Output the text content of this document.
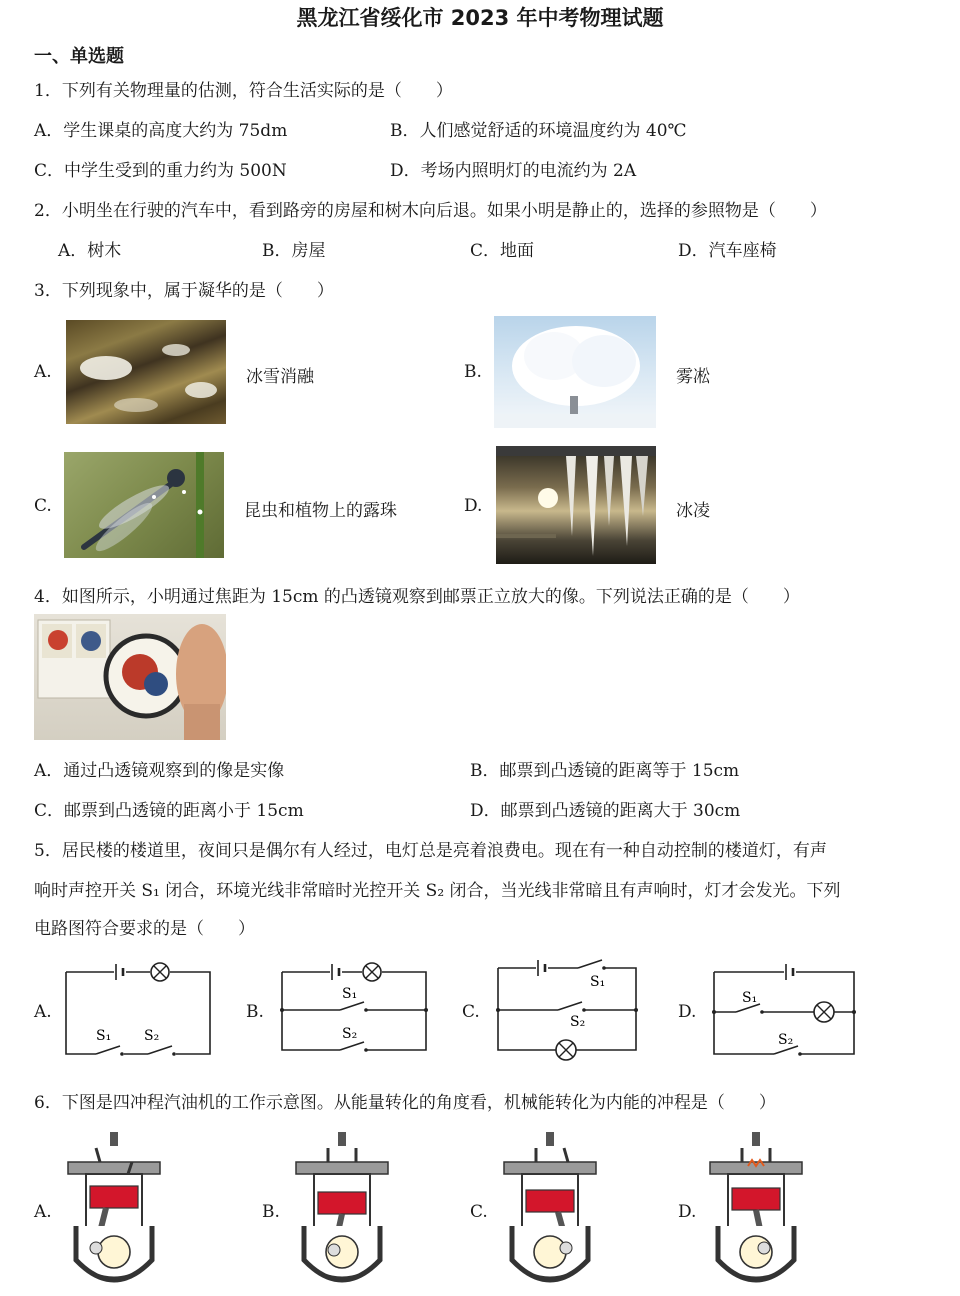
黑龙江省绥化市 2023 年中考物理试题
一、单选题
1．下列有关物理量的估测，符合生活实际的是（　　）
A．学生课桌的高度大约为 75dm	B．人们感觉舒适的环境温度约为 40℃
C．中学生受到的重力约为 500N	D．考场内照明灯的电流约为 2A
2．小明坐在行驶的汽车中，看到路旁的房屋和树木向后退。如果小明是静止的，选择的参照物是（　　）
A．树木	B．房屋	C．地面	D．汽车座椅
3．下列现象中，属于凝华的是（　　）
A.	冰雪消融	B.	雾凇
C.	昆虫和植物上的露珠	D.	冰凌
4．如图所示，小明通过焦距为 15cm 的凸透镜观察到邮票正立放大的像。下列说法正确的是（　　）
A．通过凸透镜观察到的像是实像	B．邮票到凸透镜的距离等于 15cm
C．邮票到凸透镜的距离小于 15cm	D．邮票到凸透镜的距离大于 30cm
5．居民楼的楼道里，夜间只是偶尔有人经过，电灯总是亮着浪费电。现在有一种自动控制的楼道灯，有声
响时声控开关 S₁ 闭合，环境光线非常暗时光控开关 S₂ 闭合，当光线非常暗且有声响时，灯才会发光。下列
电路图符合要求的是（　　）
A.
S₁ S₂
B.
S₁
S₂
C.
S₁
S₂	D.
S₁
S₂
6．下图是四冲程汽油机的工作示意图。从能量转化的角度看，机械能转化为内能的冲程是（　　）
A.	B.	C.	D.
